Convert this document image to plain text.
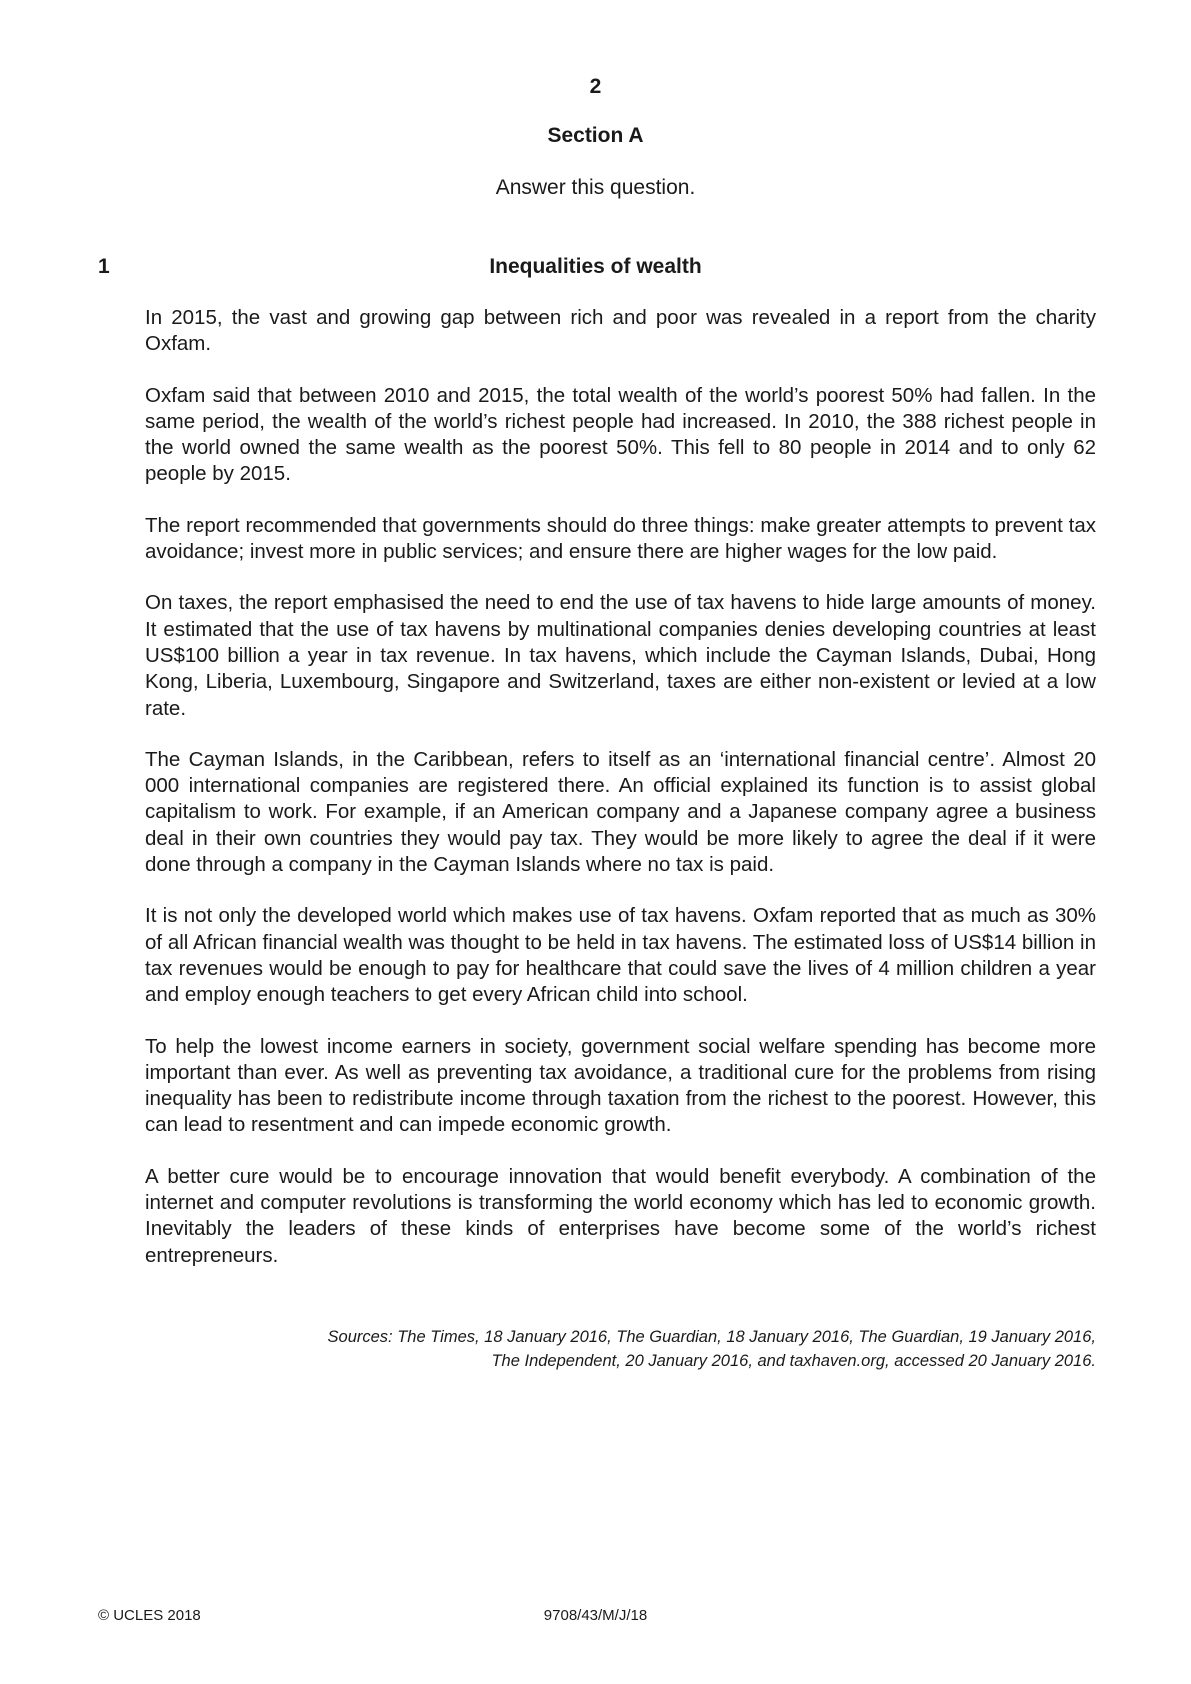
2
Section A
Answer this question.
1	Inequalities of wealth

In 2015, the vast and growing gap between rich and poor was revealed in a report from the charity Oxfam.

Oxfam said that between 2010 and 2015, the total wealth of the world’s poorest 50% had fallen. In the same period, the wealth of the world’s richest people had increased. In 2010, the 388 richest people in the world owned the same wealth as the poorest 50%. This fell to 80 people in 2014 and to only 62 people by 2015.

The report recommended that governments should do three things: make greater attempts to prevent tax avoidance; invest more in public services; and ensure there are higher wages for the low paid.

On taxes, the report emphasised the need to end the use of tax havens to hide large amounts of money. It estimated that the use of tax havens by multinational companies denies developing countries at least US$100 billion a year in tax revenue. In tax havens, which include the Cayman Islands, Dubai, Hong Kong, Liberia, Luxembourg, Singapore and Switzerland, taxes are either non-existent or levied at a low rate.

The Cayman Islands, in the Caribbean, refers to itself as an ‘international financial centre’. Almost 20 000 international companies are registered there. An official explained its function is to assist global capitalism to work. For example, if an American company and a Japanese company agree a business deal in their own countries they would pay tax. They would be more likely to agree the deal if it were done through a company in the Cayman Islands where no tax is paid.

It is not only the developed world which makes use of tax havens. Oxfam reported that as much as 30% of all African financial wealth was thought to be held in tax havens. The estimated loss of US$14 billion in tax revenues would be enough to pay for healthcare that could save the lives of 4 million children a year and employ enough teachers to get every African child into school.

To help the lowest income earners in society, government social welfare spending has become more important than ever. As well as preventing tax avoidance, a traditional cure for the problems from rising inequality has been to redistribute income through taxation from the richest to the poorest. However, this can lead to resentment and can impede economic growth.

A better cure would be to encourage innovation that would benefit everybody. A combination of the internet and computer revolutions is transforming the world economy which has led to economic growth. Inevitably the leaders of these kinds of enterprises have become some of the world’s richest entrepreneurs.

Sources: The Times, 18 January 2016, The Guardian, 18 January 2016, The Guardian, 19 January 2016,
The Independent, 20 January 2016, and taxhaven.org, accessed 20 January 2016.
© UCLES 2018	9708/43/M/J/18
